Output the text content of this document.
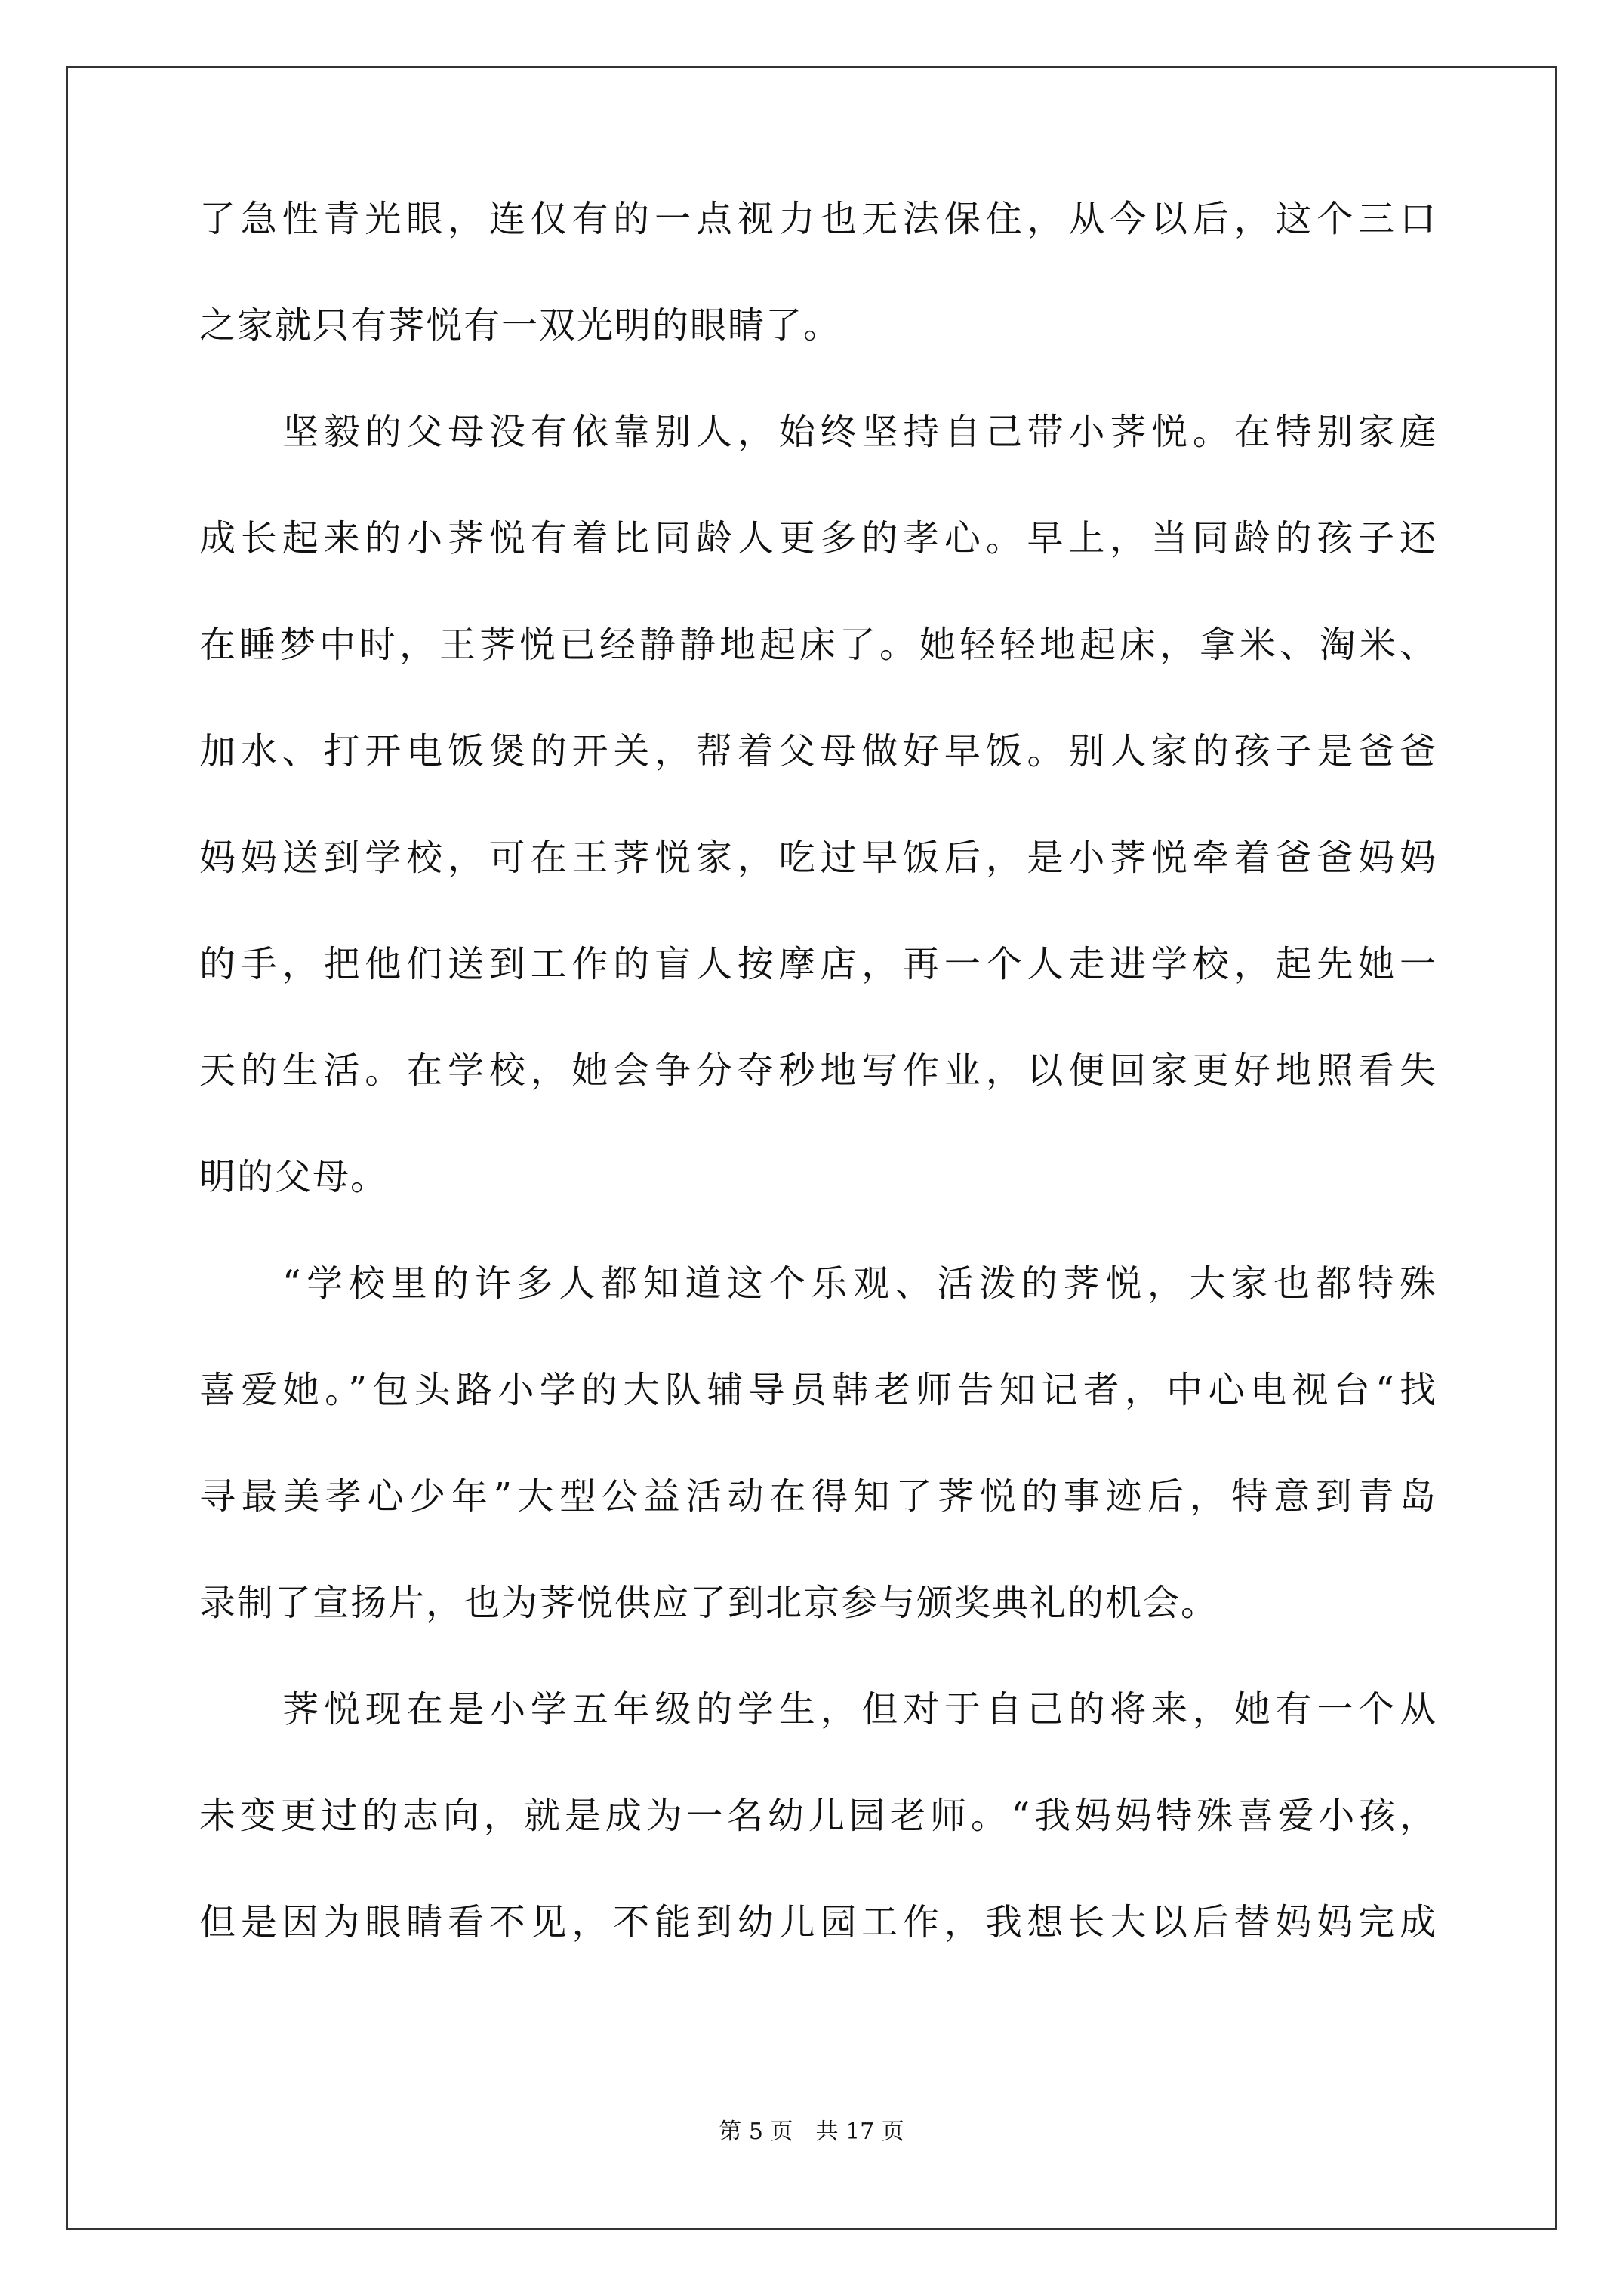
了急性青光眼，连仅有的一点视力也无法保住，从今以后，这个三口
之家就只有荠悦有一双光明的眼睛了。
坚毅的父母没有依靠别人，始终坚持自己带小荠悦。在特别家庭
成长起来的小荠悦有着比同龄人更多的孝心。早上，当同龄的孩子还
在睡梦中时，王荠悦已经静静地起床了。她轻轻地起床，拿米、淘米、
加水、打开电饭煲的开关，帮着父母做好早饭。别人家的孩子是爸爸
妈妈送到学校，可在王荠悦家，吃过早饭后，是小荠悦牵着爸爸妈妈
的手，把他们送到工作的盲人按摩店，再一个人走进学校，起先她一
天的生活。在学校，她会争分夺秒地写作业，以便回家更好地照看失
明的父母。
“学校里的许多人都知道这个乐观、活泼的荠悦，大家也都特殊
喜爱她。”包头路小学的大队辅导员韩老师告知记者，中心电视台“找
寻最美孝心少年”大型公益活动在得知了荠悦的事迹后，特意到青岛
录制了宣扬片，也为荠悦供应了到北京参与颁奖典礼的机会。
荠悦现在是小学五年级的学生，但对于自己的将来，她有一个从
未变更过的志向，就是成为一名幼儿园老师。“我妈妈特殊喜爱小孩，
但是因为眼睛看不见，不能到幼儿园工作，我想长大以后替妈妈完成
第 5 页 共 17 页
